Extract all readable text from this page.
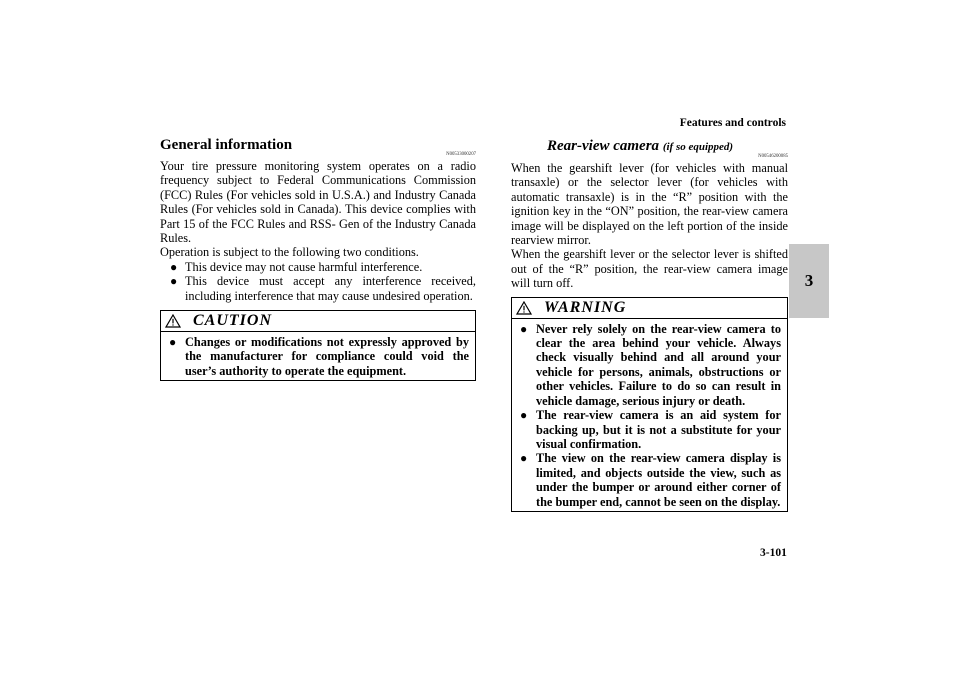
Features and controls
3
General information
N00533000207

Your tire pressure monitoring system operates on a radio frequency subject to Federal Communications Commission (FCC) Rules (For vehicles sold in U.S.A.) and Industry Canada Rules (For vehicles sold in Canada). This device complies with Part 15 of the FCC Rules and RSS- Gen of the Industry Canada Rules.

Operation is subject to the following two conditions.

● This device may not cause harmful interference.
● This device must accept any interference received, including interference that may cause undesired operation.
CAUTION
● Changes or modifications not expressly approved by the manufacturer for compliance could void the user’s authority to operate the equipment.
Rear-view camera (if so equipped)
N00546200085

When the gearshift lever (for vehicles with manual transaxle) or the selector lever (for vehicles with automatic transaxle) is in the “R” position with the ignition key in the “ON” position, the rear-view camera image will be displayed on the left portion of the inside rearview mirror.

When the gearshift lever or the selector lever is shifted out of the “R” position, the rear-view camera image will turn off.

WARNING
● Never rely solely on the rear-view camera to clear the area behind your vehicle. Always check visually behind and all around your vehicle for persons, animals, obstructions or other vehicles. Failure to do so can result in vehicle damage, serious injury or death.
● The rear-view camera is an aid system for backing up, but it is not a substitute for your visual confirmation.
● The view on the rear-view camera display is limited, and objects outside the view, such as under the bumper or around either corner of the bumper end, cannot be seen on the display.
3-101
